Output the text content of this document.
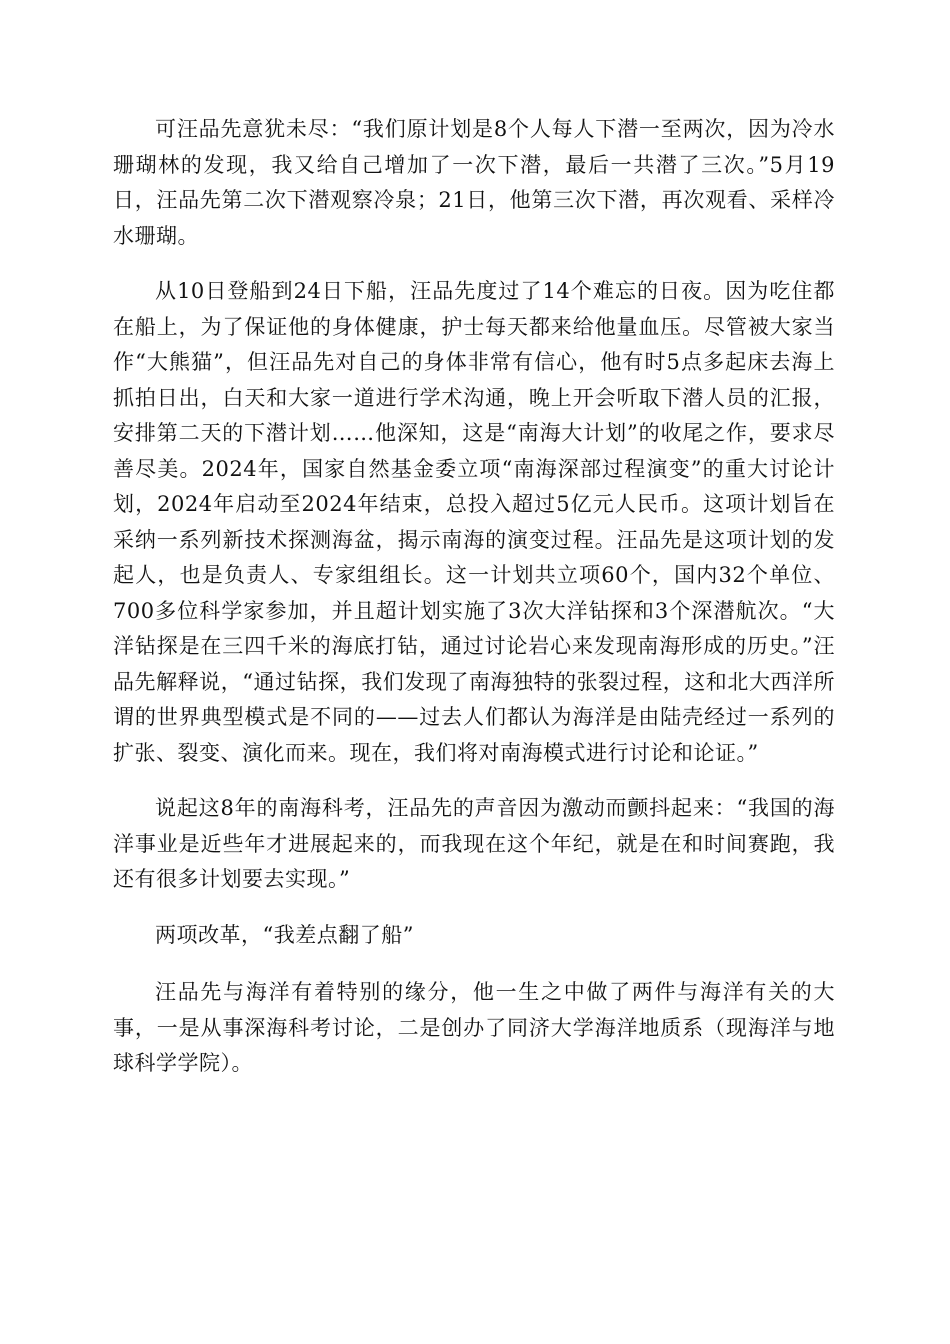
可汪品先意犹未尽：“我们原计划是8个人每人下潜一至两次，因为冷水珊瑚林的发现，我又给自己增加了一次下潜，最后一共潜了三次。”5月19日，汪品先第二次下潜观察冷泉；21日，他第三次下潜，再次观看、采样冷水珊瑚。

从10日登船到24日下船，汪品先度过了14个难忘的日夜。因为吃住都在船上，为了保证他的身体健康，护士每天都来给他量血压。尽管被大家当作“大熊猫”，但汪品先对自己的身体非常有信心，他有时5点多起床去海上抓拍日出，白天和大家一道进行学术沟通，晚上开会听取下潜人员的汇报，安排第二天的下潜计划……他深知，这是“南海大计划”的收尾之作，要求尽善尽美。2024年，国家自然基金委立项“南海深部过程演变”的重大讨论计划，2024年启动至2024年结束，总投入超过5亿元人民币。这项计划旨在采纳一系列新技术探测海盆，揭示南海的演变过程。汪品先是这项计划的发起人，也是负责人、专家组组长。这一计划共立项60个，国内32个单位、700多位科学家参加，并且超计划实施了3次大洋钻探和3个深潜航次。“大洋钻探是在三四千米的海底打钻，通过讨论岩心来发现南海形成的历史。”汪品先解释说，“通过钻探，我们发现了南海独特的张裂过程，这和北大西洋所谓的世界典型模式是不同的——过去人们都认为海洋是由陆壳经过一系列的扩张、裂变、演化而来。现在，我们将对南海模式进行讨论和论证。”

说起这8年的南海科考，汪品先的声音因为激动而颤抖起来：“我国的海洋事业是近些年才进展起来的，而我现在这个年纪，就是在和时间赛跑，我还有很多计划要去实现。”

两项改革，“我差点翻了船”

汪品先与海洋有着特别的缘分，他一生之中做了两件与海洋有关的大事，一是从事深海科考讨论，二是创办了同济大学海洋地质系（现海洋与地球科学学院）。
